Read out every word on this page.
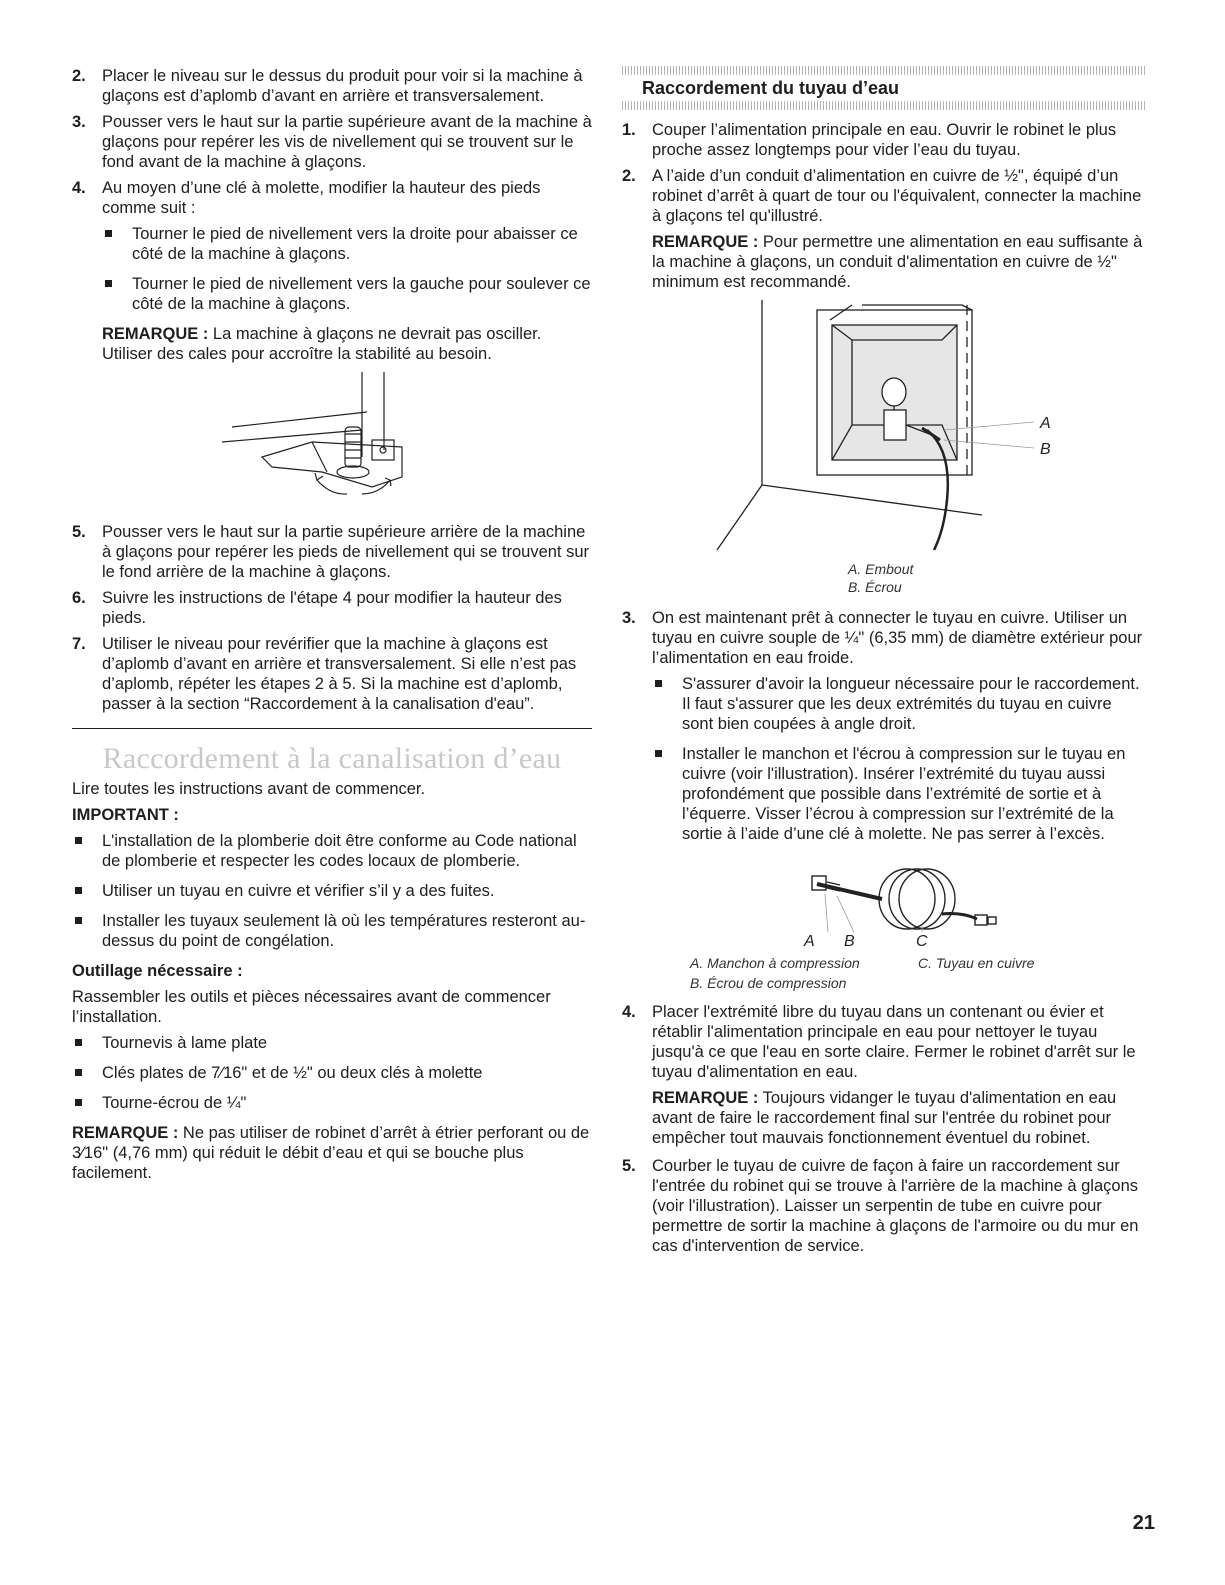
2. Placer le niveau sur le dessus du produit pour voir si la machine à glaçons est d’aplomb d’avant en arrière et transversalement.
3. Pousser vers le haut sur la partie supérieure avant de la machine à glaçons pour repérer les vis de nivellement qui se trouvent sur le fond avant de la machine à glaçons.
4. Au moyen d’une clé à molette, modifier la hauteur des pieds comme suit :
Tourner le pied de nivellement vers la droite pour abaisser ce côté de la machine à glaçons.
Tourner le pied de nivellement vers la gauche pour soulever ce côté de la machine à glaçons.
REMARQUE : La machine à glaçons ne devrait pas osciller. Utiliser des cales pour accroître la stabilité au besoin.
5. Pousser vers le haut sur la partie supérieure arrière de la machine à glaçons pour repérer les pieds de nivellement qui se trouvent sur le fond arrière de la machine à glaçons.
6. Suivre les instructions de l'étape 4 pour modifier la hauteur des pieds.
7. Utiliser le niveau pour revérifier que la machine à glaçons est d’aplomb d’avant en arrière et transversalement. Si elle n’est pas d’aplomb, répéter les étapes 2 à 5. Si la machine est d’aplomb, passer à la section “Raccordement à la canalisation d'eau”.
Raccordement à la canalisation d’eau
Lire toutes les instructions avant de commencer.
IMPORTANT :
L'installation de la plomberie doit être conforme au Code national de plomberie et respecter les codes locaux de plomberie.
Utiliser un tuyau en cuivre et vérifier s’il y a des fuites.
Installer les tuyaux seulement là où les températures resteront au-dessus du point de congélation.
Outillage nécessaire :
Rassembler les outils et pièces nécessaires avant de commencer l’installation.
Tournevis à lame plate
Clés plates de 7⁄16" et de ½" ou deux clés à molette
Tourne-écrou de ¼"
REMARQUE : Ne pas utiliser de robinet d’arrêt à étrier perforant ou de 3⁄16" (4,76 mm) qui réduit le débit d’eau et qui se bouche plus facilement.
Raccordement du tuyau d’eau
1. Couper l’alimentation principale en eau. Ouvrir le robinet le plus proche assez longtemps pour vider l’eau du tuyau.
2. A l’aide d’un conduit d’alimentation en cuivre de ½", équipé d’un robinet d’arrêt à quart de tour ou l'équivalent, connecter la machine à glaçons tel qu'illustré.
REMARQUE : Pour permettre une alimentation en eau suffisante à la machine à glaçons, un conduit d'alimentation en cuivre de ½" minimum est recommandé.
A
B
A. Embout
B. Écrou
3. On est maintenant prêt à connecter le tuyau en cuivre. Utiliser un tuyau en cuivre souple de ¼" (6,35 mm) de diamètre extérieur pour l’alimentation en eau froide.
S'assurer d'avoir la longueur nécessaire pour le raccordement. Il faut s'assurer que les deux extrémités du tuyau en cuivre sont bien coupées à angle droit.
Installer le manchon et l'écrou à compression sur le tuyau en cuivre (voir l'illustration). Insérer l’extrémité du tuyau aussi profondément que possible dans l’extrémité de sortie et à l’équerre. Visser l’écrou à compression sur l’extrémité de la sortie à l’aide d’une clé à molette. Ne pas serrer à l’excès.
A B	C
A. Manchon à compression
B. Écrou de compression
C. Tuyau en cuivre
4. Placer l'extrémité libre du tuyau dans un contenant ou évier et rétablir l'alimentation principale en eau pour nettoyer le tuyau jusqu'à ce que l'eau en sorte claire. Fermer le robinet d'arrêt sur le tuyau d'alimentation en eau.
REMARQUE : Toujours vidanger le tuyau d'alimentation en eau avant de faire le raccordement final sur l'entrée du robinet pour empêcher tout mauvais fonctionnement éventuel du robinet.
5. Courber le tuyau de cuivre de façon à faire un raccordement sur l'entrée du robinet qui se trouve à l'arrière de la machine à glaçons (voir l'illustration). Laisser un serpentin de tube en cuivre pour permettre de sortir la machine à glaçons de l'armoire ou du mur en cas d'intervention de service.
21
